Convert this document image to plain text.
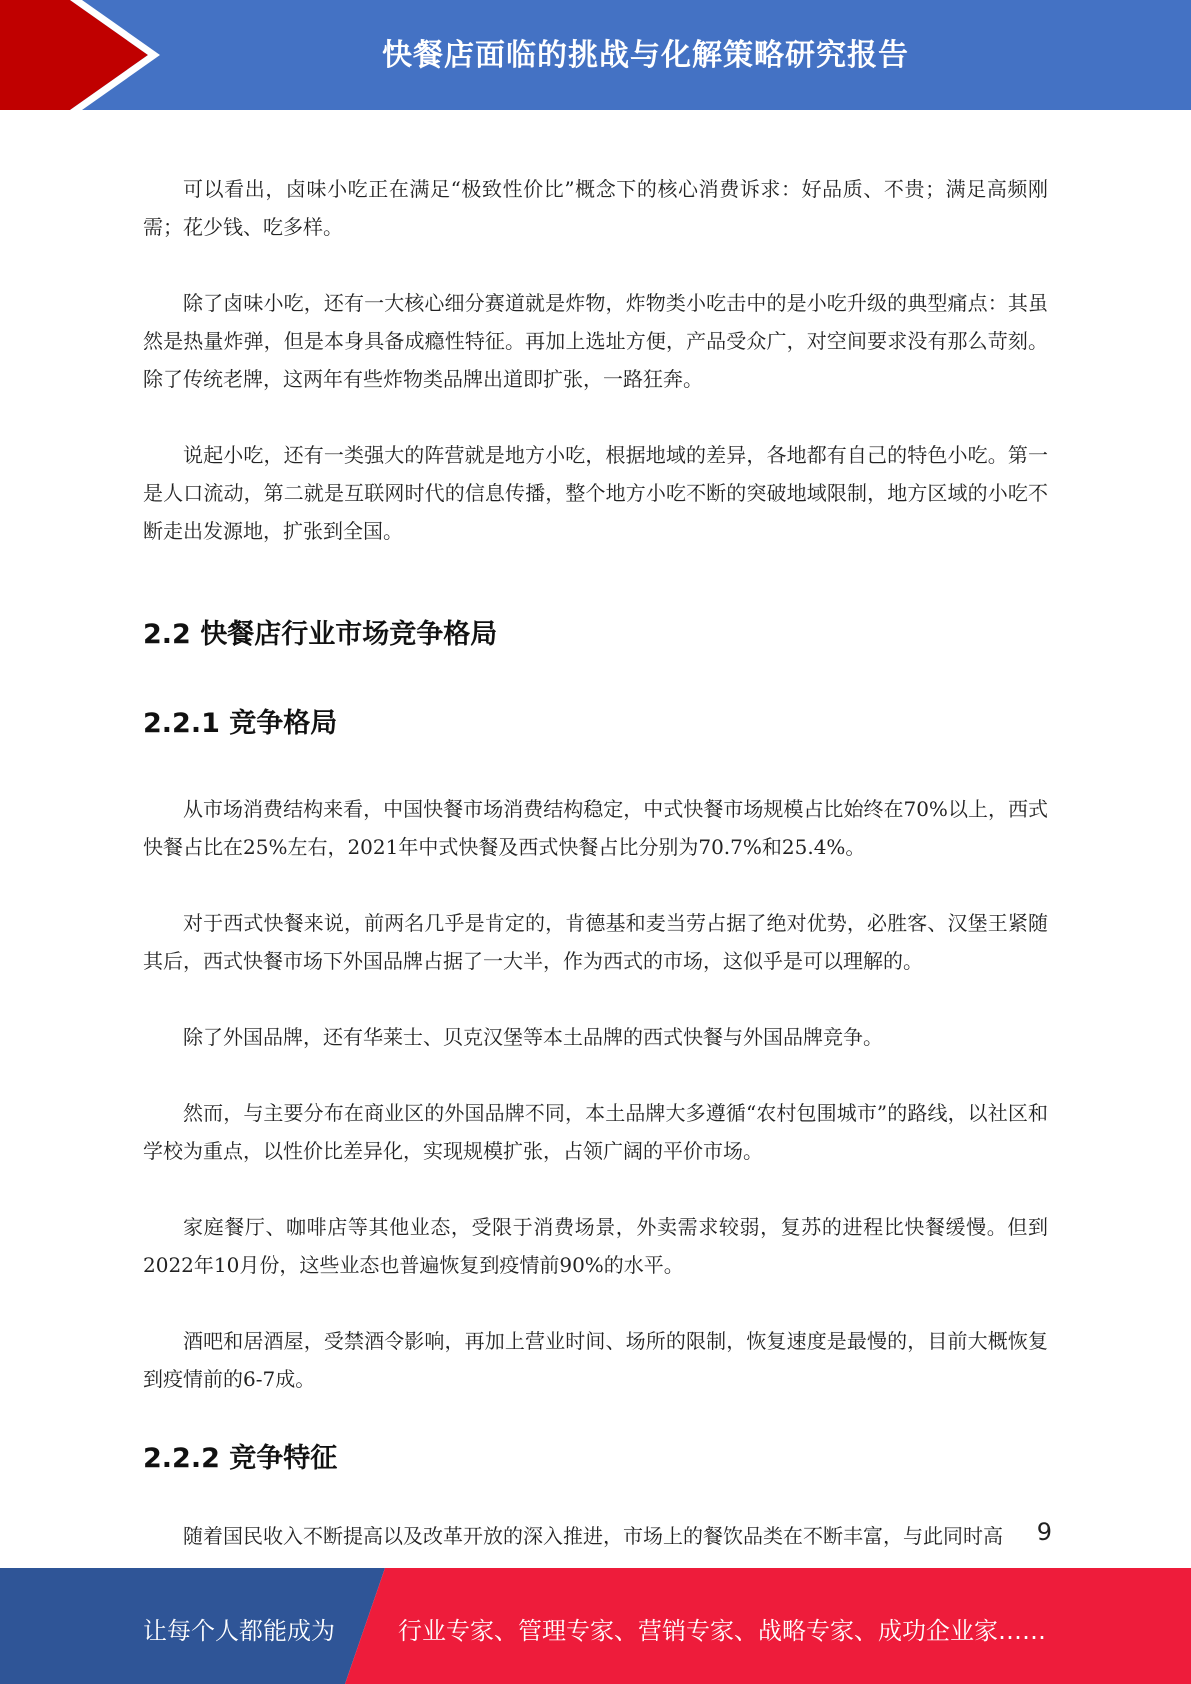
快餐店面临的挑战与化解策略研究报告

可以看出，卤味小吃正在满足“极致性价比”概念下的核心消费诉求：好品质、不贵；满足高频刚需；花少钱、吃多样。

除了卤味小吃，还有一大核心细分赛道就是炸物，炸物类小吃击中的是小吃升级的典型痛点：其虽然是热量炸弹，但是本身具备成瘾性特征。再加上选址方便，产品受众广，对空间要求没有那么苛刻。除了传统老牌，这两年有些炸物类品牌出道即扩张，一路狂奔。

说起小吃，还有一类强大的阵营就是地方小吃，根据地域的差异，各地都有自己的特色小吃。第一是人口流动，第二就是互联网时代的信息传播，整个地方小吃不断的突破地域限制，地方区域的小吃不断走出发源地，扩张到全国。

2.2 快餐店行业市场竞争格局
2.2.1 竞争格局

从市场消费结构来看，中国快餐市场消费结构稳定，中式快餐市场规模占比始终在70%以上，西式快餐占比在25%左右，2021年中式快餐及西式快餐占比分别为70.7%和25.4%。

对于西式快餐来说，前两名几乎是肯定的，肯德基和麦当劳占据了绝对优势，必胜客、汉堡王紧随其后，西式快餐市场下外国品牌占据了一大半，作为西式的市场，这似乎是可以理解的。

除了外国品牌，还有华莱士、贝克汉堡等本土品牌的西式快餐与外国品牌竞争。

然而，与主要分布在商业区的外国品牌不同，本土品牌大多遵循“农村包围城市”的路线，以社区和学校为重点，以性价比差异化，实现规模扩张，占领广阔的平价市场。

家庭餐厅、咖啡店等其他业态，受限于消费场景，外卖需求较弱，复苏的进程比快餐缓慢。但到2022年10月份，这些业态也普遍恢复到疫情前90%的水平。

酒吧和居酒屋，受禁酒令影响，再加上营业时间、场所的限制，恢复速度是最慢的，目前大概恢复到疫情前的6-7成。

2.2.2 竞争特征

随着国民收入不断提高以及改革开放的深入推进，市场上的餐饮品类在不断丰富，与此同时高	9
让每个人都能成为	行业专家、管理专家、营销专家、战略专家、成功企业家……
